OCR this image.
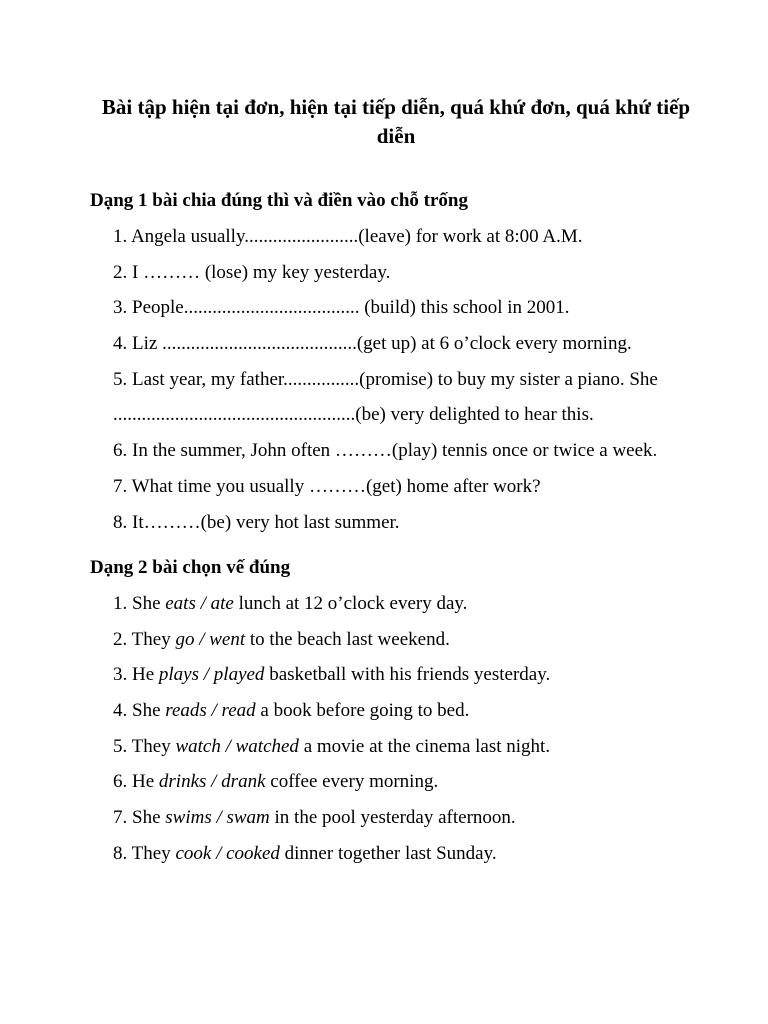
Bài tập hiện tại đơn, hiện tại tiếp diễn, quá khứ đơn, quá khứ tiếp diễn
Dạng 1 bài chia đúng thì và điền vào chỗ trống
1. Angela usually........................(leave) for work at 8:00 A.M.
2. I ……… (lose) my key yesterday.
3. People..................................... (build) this school in 2001.
4. Liz .........................................(get up) at 6 o’clock every morning.
5. Last year, my father................(promise) to buy my sister a piano. She
...................................................(be) very delighted to hear this.
6. In the summer, John often ………(play) tennis once or twice a week.
7. What time you usually ………(get) home after work?
8. It………(be) very hot last summer.
Dạng 2 bài chọn vế đúng
1. She eats / ate lunch at 12 o’clock every day.
2. They go / went to the beach last weekend.
3. He plays / played basketball with his friends yesterday.
4. She reads / read a book before going to bed.
5. They watch / watched a movie at the cinema last night.
6. He drinks / drank coffee every morning.
7. She swims / swam in the pool yesterday afternoon.
8. They cook / cooked dinner together last Sunday.
